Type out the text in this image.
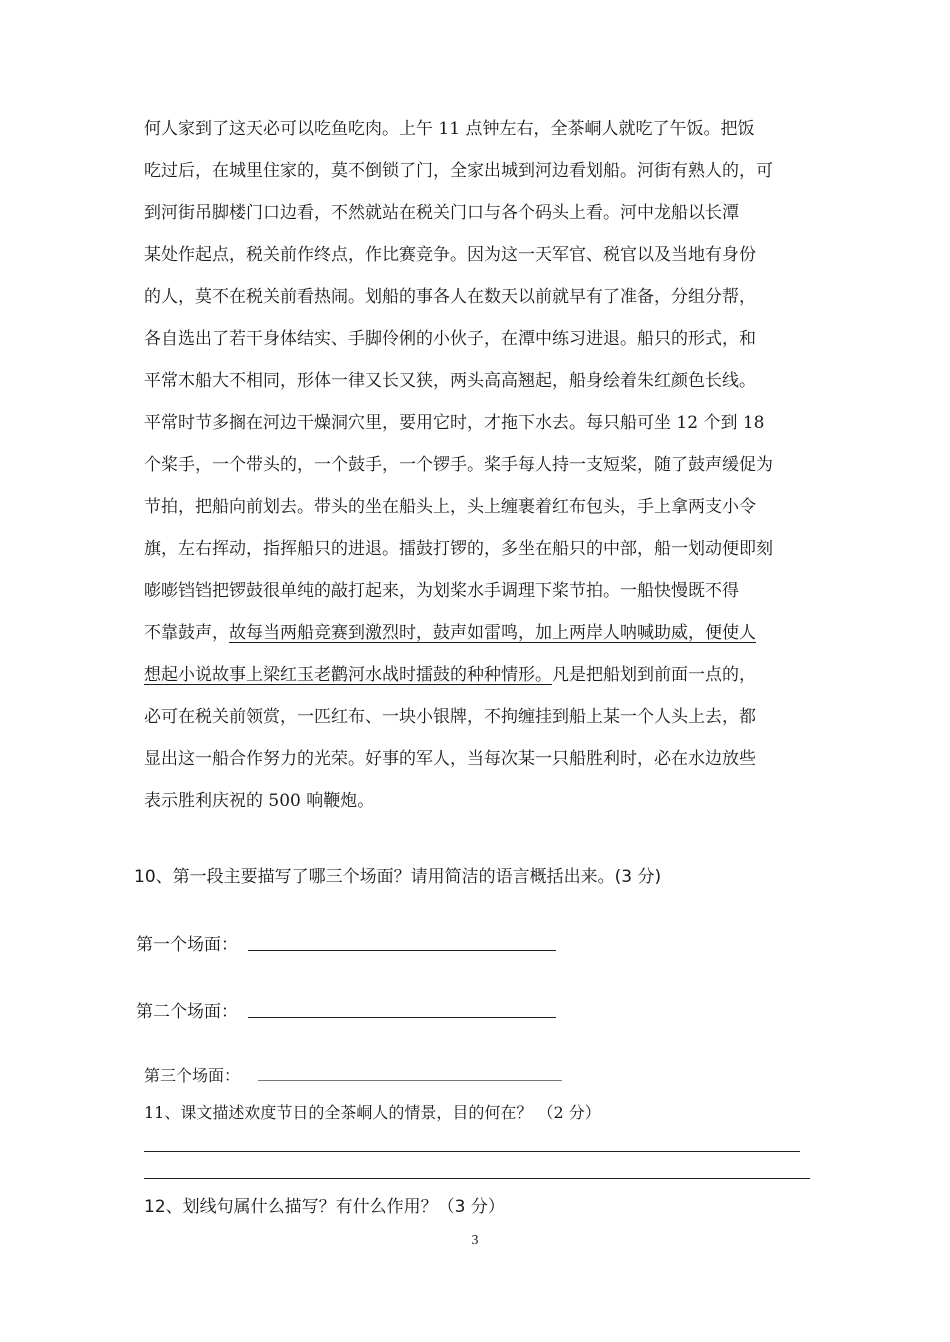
何人家到了这天必可以吃鱼吃肉。上午 11 点钟左右，全茶峒人就吃了午饭。把饭
吃过后，在城里住家的，莫不倒锁了门，全家出城到河边看划船。河街有熟人的，可
到河街吊脚楼门口边看，不然就站在税关门口与各个码头上看。河中龙船以长潭
某处作起点，税关前作终点，作比赛竞争。因为这一天军官、税官以及当地有身份
的人，莫不在税关前看热闹。划船的事各人在数天以前就早有了准备，分组分帮，
各自选出了若干身体结实、手脚伶俐的小伙子，在潭中练习进退。船只的形式，和
平常木船大不相同，形体一律又长又狭，两头高高翘起，船身绘着朱红颜色长线。
平常时节多搁在河边干燥洞穴里，要用它时，才拖下水去。每只船可坐 12 个到 18
个桨手，一个带头的，一个鼓手，一个锣手。桨手每人持一支短桨，随了鼓声缓促为
节拍，把船向前划去。带头的坐在船头上，头上缠裹着红布包头，手上拿两支小令
旗，左右挥动，指挥船只的进退。擂鼓打锣的，多坐在船只的中部，船一划动便即刻
嘭嘭铛铛把锣鼓很单纯的敲打起来，为划桨水手调理下桨节拍。一船快慢既不得
不靠鼓声，故每当两船竞赛到激烈时，鼓声如雷鸣，加上两岸人呐喊助威，便使人
想起小说故事上梁红玉老鹳河水战时擂鼓的种种情形。凡是把船划到前面一点的，
必可在税关前领赏，一匹红布、一块小银牌，不拘缠挂到船上某一个人头上去，都
显出这一船合作努力的光荣。好事的军人，当每次某一只船胜利时，必在水边放些
表示胜利庆祝的 500 响鞭炮。
10、第一段主要描写了哪三个场面？请用简洁的语言概括出来。(3 分)
第一个场面：
第二个场面：
第三个场面：
11、课文描述欢度节日的全茶峒人的情景，目的何在？ （2 分）
12、划线句属什么描写？有什么作用？（3 分）
3
